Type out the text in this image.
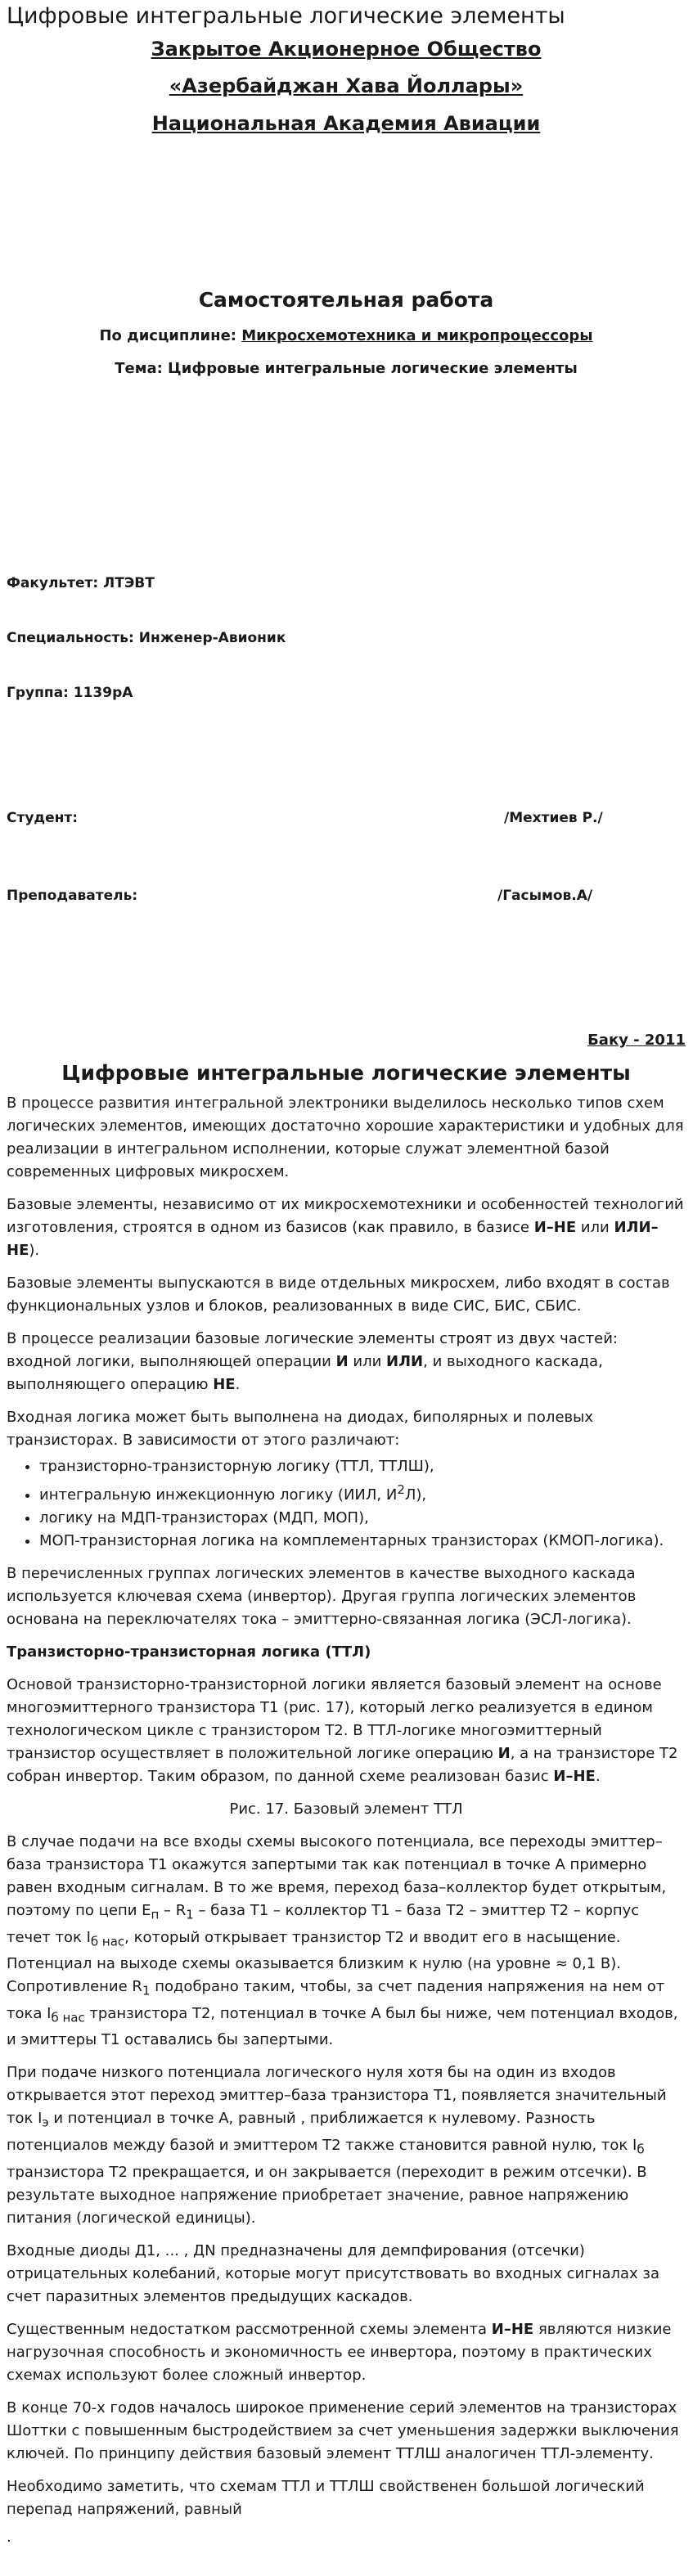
Цифровые интегральные логические элементы
Закрытое Акционерное Общество
«Азербайджан Хава Йоллары»
Национальная Академия Авиации
Самостоятельная работа
По дисциплине: Микросхемотехника и микропроцессоры
Тема: Цифровые интегральные логические элементы
Факультет: ЛТЭВТ
Специальность: Инженер-Авионик
Группа: 1139рА
Студент:	/Мехтиев Р./
Преподаватель:	/Гасымов.А/
Баку - 2011
Цифровые интегральные логические элементы

В процессе развития интегральной электроники выделилось несколько типов схем логических элементов, имеющих достаточно хорошие характеристики и удобных для реализации в интегральном исполнении, которые служат элементной базой современных цифровых микросхем.

Базовые элементы, независимо от их микросхемотехники и особенностей технологий изготовления, строятся в одном из базисов (как правило, в базисе И–НЕ или ИЛИ–НЕ).

Базовые элементы выпускаются в виде отдельных микросхем, либо входят в состав функциональных узлов и блоков, реализованных в виде СИС, БИС, СБИС.

В процессе реализации базовые логические элементы строят из двух частей: входной логики, выполняющей операции И или ИЛИ, и выходного каскада, выполняющего операцию НЕ.

Входная логика может быть выполнена на диодах, биполярных и полевых транзисторах. В зависимости от этого различают:

• транзисторно-транзисторную логику (ТТЛ, ТТЛШ),
• интегральную инжекционную логику (ИИЛ, $И^2Л$),
• логику на МДП-транзисторах (МДП, МОП),
• МОП-транзисторная логика на комплементарных транзисторах (КМОП-логика).

В перечисленных группах логических элементов в качестве выходного каскада используется ключевая схема (инвертор). Другая группа логических элементов основана на переключателях тока – эмиттерно-связанная логика (ЭСЛ-логика).

Транзисторно-транзисторная логика (ТТЛ)

Основой транзисторно-транзисторной логики является базовый элемент на основе многоэмиттерного транзистора T1 (рис. 17), который легко реализуется в едином технологическом цикле с транзистором T2. В ТТЛ-логике многоэмиттерный транзистор осуществляет в положительной логике операцию И, а на транзисторе T2 собран инвертор. Таким образом, по данной схеме реализован базис И–НЕ.

Рис. 17. Базовый элемент ТТЛ

В случае подачи на все входы схемы высокого потенциала, все переходы эмиттер–база транзистора T1 окажутся запертыми так как потенциал в точке A примерно равен входным сигналам. В то же время, переход база–коллектор будет открытым, поэтому по цепи $E_п - R_1$ – база T1 – коллектор T1 – база T2 – эмиттер T2 – корпус течет ток $I_{б нас}$, который открывает транзистор T2 и вводит его в насыщение. Потенциал на выходе схемы оказывается близким к нулю (на уровне ≈ 0,1 В). Сопротивление $R_1$ подобрано таким, чтобы, за счет падения напряжения на нем от тока $I_{б нас}$ транзистора T2, потенциал в точке A был бы ниже, чем потенциал входов, и эмиттеры T1 оставались бы запертыми.

При подаче низкого потенциала логического нуля хотя бы на один из входов открывается этот переход эмиттер–база транзистора T1, появляется значительный ток $I_э$ и потенциал в точке A, равный , приближается к нулевому. Разность потенциалов между базой и эмиттером T2 также становится равной нулю, ток $I_б$ транзистора T2 прекращается, и он закрывается (переходит в режим отсечки). В результате выходное напряжение приобретает значение, равное напряжению питания (логической единицы).

Входные диоды Д1, ... , ДN предназначены для демпфирования (отсечки) отрицательных колебаний, которые могут присутствовать во входных сигналах за счет паразитных элементов предыдущих каскадов.

Существенным недостатком рассмотренной схемы элемента И–НЕ являются низкие нагрузочная способность и экономичность ее инвертора, поэтому в практических схемах используют более сложный инвертор.

В конце 70-х годов началось широкое применение серий элементов на транзисторах Шоттки с повышенным быстродействием за счет уменьшения задержки выключения ключей. По принципу действия базовый элемент ТТЛШ аналогичен ТТЛ-элементу.

Необходимо заметить, что схемам ТТЛ и ТТЛШ свойственен большой логический перепад напряжений, равный

.
